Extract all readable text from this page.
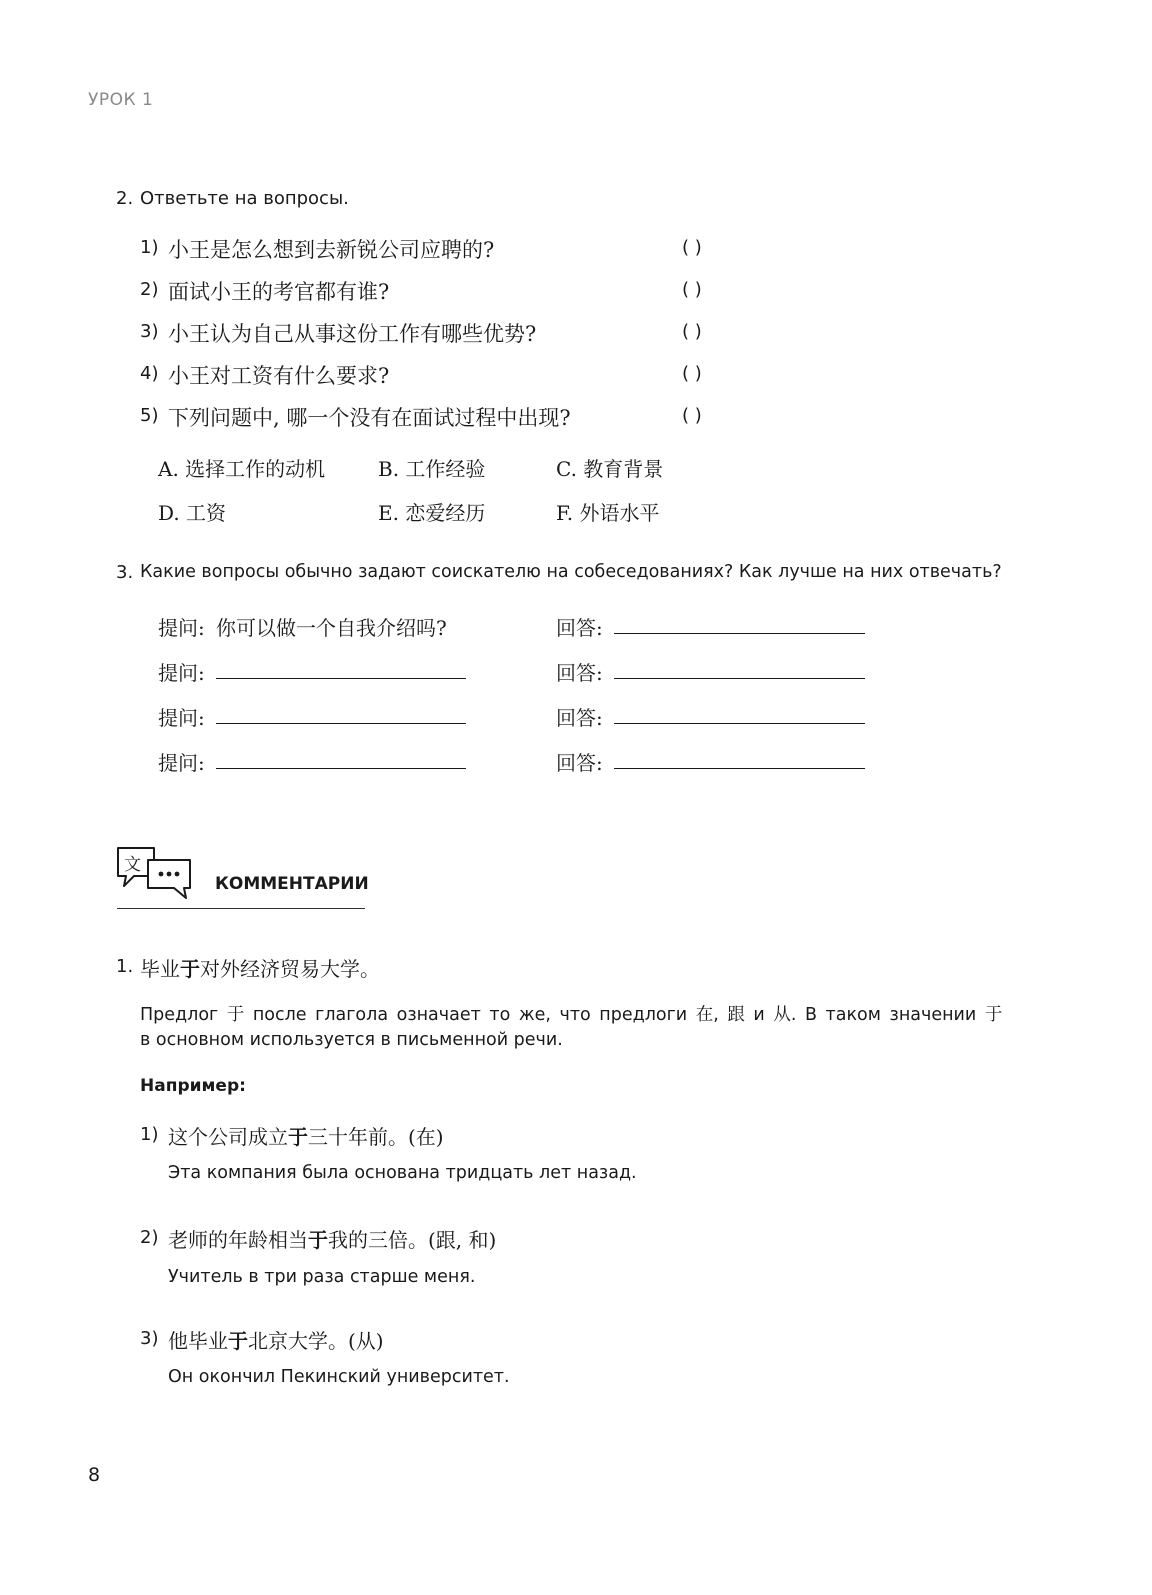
УРОК 1
2. Ответьте на вопросы.
1) 小王是怎么想到去新锐公司应聘的?	( )
2) 面试小王的考官都有谁?	( )
3) 小王认为自己从事这份工作有哪些优势?	( )
4) 小王对工资有什么要求?	( )
5) 下列问题中, 哪一个没有在面试过程中出现?	( )
A. 选择工作的动机	B. 工作经验	C. 教育背景
D. 工资	E. 恋爱经历	F. 外语水平
3. Какие вопросы обычно задают соискателю на собеседованиях? Как лучше на них отвечать?
提问: 你可以做一个自我介绍吗?	回答:
提问:	回答:
提问:	回答:
提问:	回答:
文
КОММЕНТАРИИ
1. 毕业于对外经济贸易大学。
Предлог 于 после глагола означает то же, что предлоги 在, 跟 и 从. В таком значении 于
в основном используется в письменной речи.
Например:
1) 这个公司成立于三十年前。(在)
Эта компания была основана тридцать лет назад.
2) 老师的年龄相当于我的三倍。(跟, 和)
Учитель в три раза старше меня.
3) 他毕业于北京大学。(从)
Он окончил Пекинский университет.
8
